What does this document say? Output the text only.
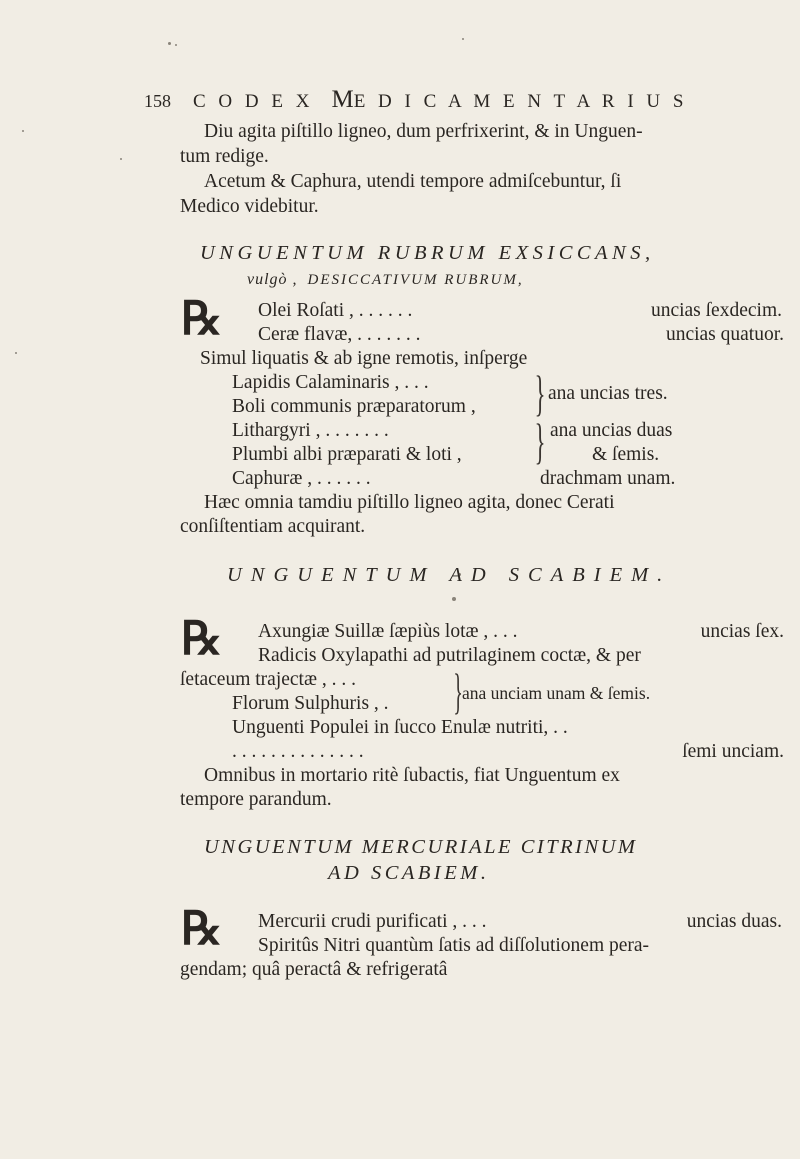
158 C O D E X ME D I C A M E N T A R I U S
Diu agita piſtillo ligneo, dum perfrixerint, & in Unguen-
tum redige.
Acetum & Caphura, utendi tempore admiſcebuntur, ſi
Medico videbitur.
UNGUENTUM RUBRUM EXSICCANS,
vulgò , DESICCATIVUM RUBRUM,
℞ Olei Roſati , . . . . . .	uncias ſexdecim.
Ceræ flavæ, . . . . . . .	uncias quatuor.
Simul liquatis & ab igne remotis, inſperge
Lapidis Calaminaris , . . .
Boli communis præparatorum , } ana uncias tres.
Lithargyri , . . . . . . .
Plumbi albi præparati & loti , } ana uncias duas
& ſemis.
Caphuræ , . . . . . .	drachmam unam.
Hæc omnia tamdiu piſtillo ligneo agita, donec Cerati
conſiſtentiam acquirant.
UNGUENTUM AD SCABIEM.
℞ Axungiæ Suillæ ſæpiùs lotæ , . . .	uncias ſex.
Radicis Oxylapathi ad putrilaginem coctæ, & per
ſetaceum trajectæ , . . .
Florum Sulphuris , . } ana unciam unam & ſemis.
Unguenti Populei in ſucco Enulæ nutriti, . .
. . . . . . . . . . . . . .	ſemi unciam.
Omnibus in mortario ritè ſubactis, fiat Unguentum ex
tempore parandum.
UNGUENTUM MERCURIALE CITRINUM
AD SCABIEM.
℞ Mercurii crudi purificati , . . .	uncias duas.
Spiritûs Nitri quantùm ſatis ad diſſolutionem pera-
gendam; quâ peractâ & refrigeratâ
